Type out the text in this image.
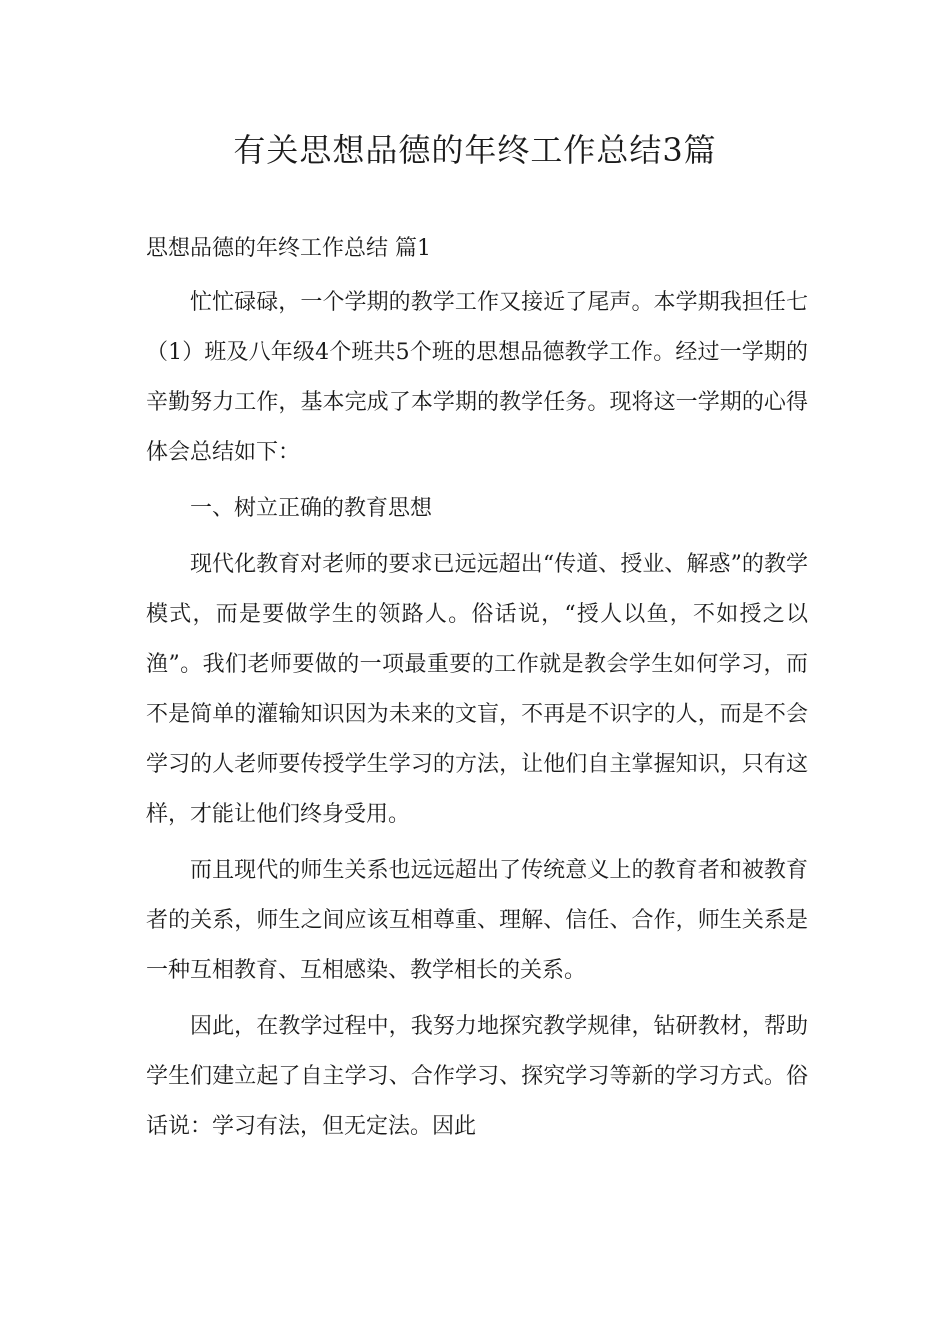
有关思想品德的年终工作总结3篇

思想品德的年终工作总结 篇1

忙忙碌碌，一个学期的教学工作又接近了尾声。本学期我担任七（1）班及八年级4个班共5个班的思想品德教学工作。经过一学期的辛勤努力工作，基本完成了本学期的教学任务。现将这一学期的心得体会总结如下：

一、树立正确的教育思想

现代化教育对老师的要求已远远超出“传道、授业、解惑”的教学模式，而是要做学生的领路人。俗话说，“授人以鱼，不如授之以渔”。我们老师要做的一项最重要的工作就是教会学生如何学习，而不是简单的灌输知识因为未来的文盲，不再是不识字的人，而是不会学习的人老师要传授学生学习的方法，让他们自主掌握知识，只有这样，才能让他们终身受用。

而且现代的师生关系也远远超出了传统意义上的教育者和被教育者的关系，师生之间应该互相尊重、理解、信任、合作，师生关系是一种互相教育、互相感染、教学相长的关系。

因此，在教学过程中，我努力地探究教学规律，钻研教材，帮助学生们建立起了自主学习、合作学习、探究学习等新的学习方式。俗话说：学习有法，但无定法。因此
